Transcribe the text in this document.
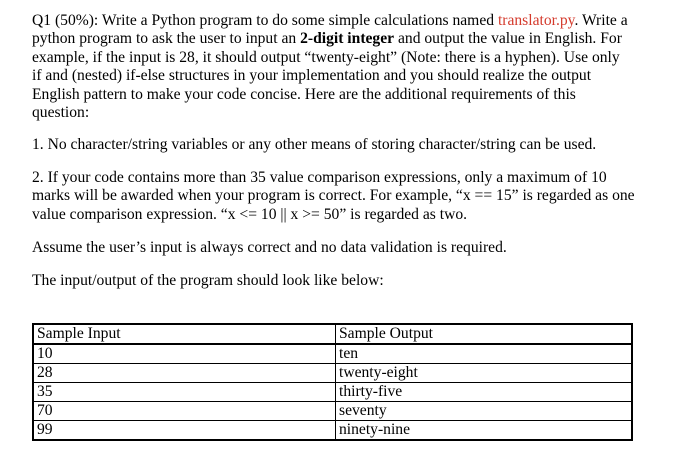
Q1 (50%): Write a Python program to do some simple calculations named translator.py. Write a python program to ask the user to input an 2-digit integer and output the value in English. For example, if the input is 28, it should output “twenty-eight” (Note: there is a hyphen). Use only if and (nested) if-else structures in your implementation and you should realize the output English pattern to make your code concise. Here are the additional requirements of this question:

1. No character/string variables or any other means of storing character/string can be used.

2. If your code contains more than 35 value comparison expressions, only a maximum of 10 marks will be awarded when your program is correct. For example, “x == 15” is regarded as one value comparison expression. “x <= 10 || x >= 50” is regarded as two.

Assume the user’s input is always correct and no data validation is required.

The input/output of the program should look like below:

Sample Input	Sample Output
10	ten
28	twenty-eight
35	thirty-five
70	seventy
99	ninety-nine
